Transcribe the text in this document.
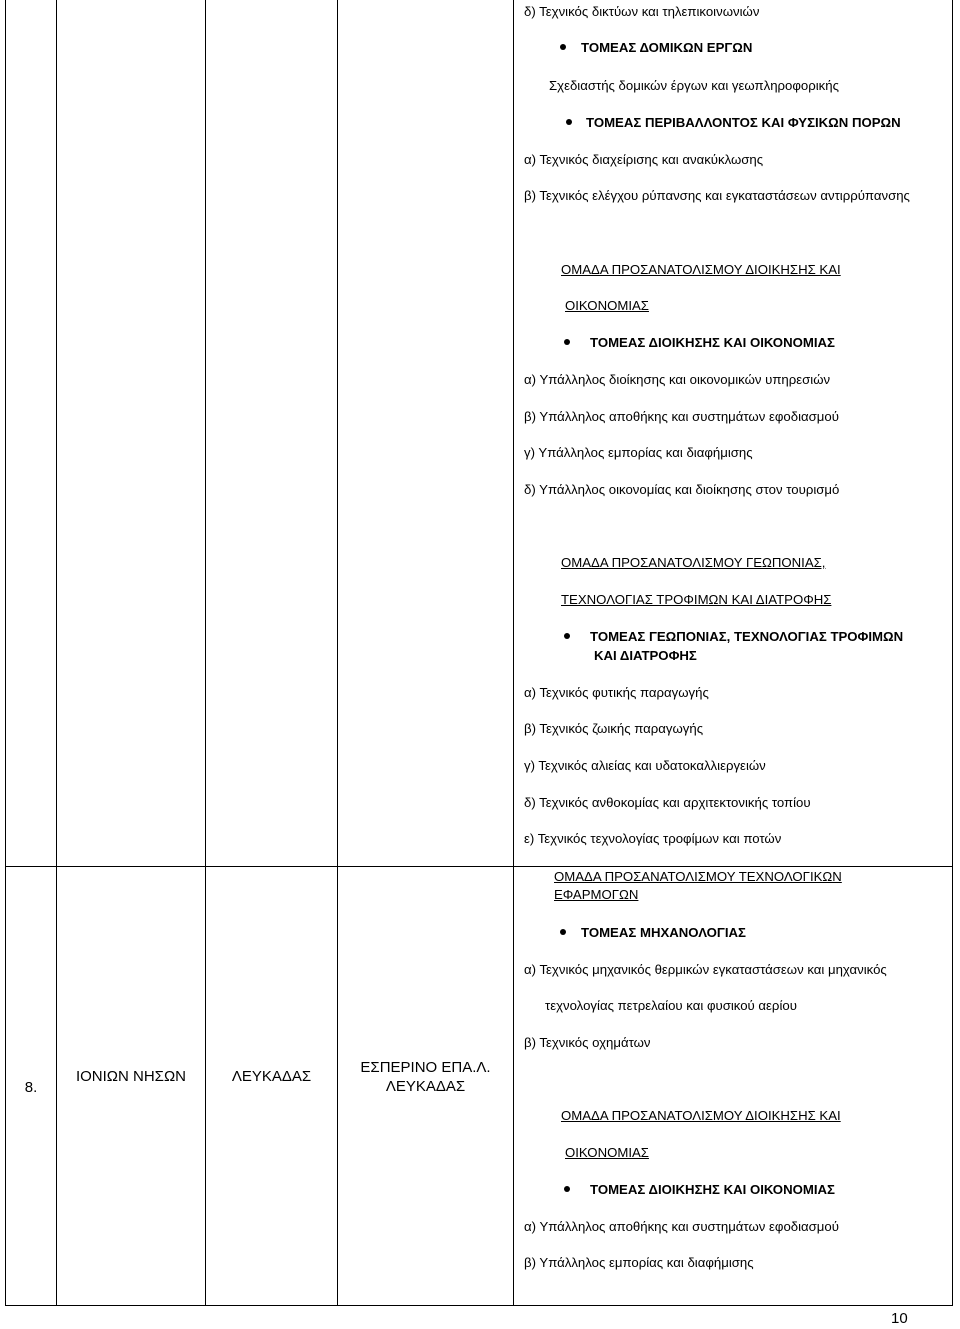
δ) Τεχνικός δικτύων και τηλεπικοινωνιών
ΤΟΜΕΑΣ ΔΟΜΙΚΩΝ ΕΡΓΩΝ
Σχεδιαστής δομικών έργων και γεωπληροφορικής
ΤΟΜΕΑΣ ΠΕΡΙΒΑΛΛΟΝΤΟΣ ΚΑΙ ΦΥΣΙΚΩΝ ΠΟΡΩΝ
α) Τεχνικός διαχείρισης και ανακύκλωσης
β) Τεχνικός ελέγχου ρύπανσης και εγκαταστάσεων αντιρρύπανσης
ΟΜΑΔΑ ΠΡΟΣΑΝΑΤΟΛΙΣΜΟΥ ΔΙΟΙΚΗΣΗΣ ΚΑΙ
ΟΙΚΟΝΟΜΙΑΣ
ΤΟΜΕΑΣ ΔΙΟΙΚΗΣΗΣ ΚΑΙ ΟΙΚΟΝΟΜΙΑΣ
α) Υπάλληλος διοίκησης και οικονομικών υπηρεσιών
β) Υπάλληλος αποθήκης και συστημάτων εφοδιασμού
γ) Υπάλληλος εμπορίας και διαφήμισης
δ) Υπάλληλος οικονομίας και διοίκησης στον τουρισμό
ΟΜΑΔΑ ΠΡΟΣΑΝΑΤΟΛΙΣΜΟΥ ΓΕΩΠΟΝΙΑΣ,
ΤΕΧΝΟΛΟΓΙΑΣ ΤΡΟΦΙΜΩΝ ΚΑΙ ΔΙΑΤΡΟΦΗΣ
ΤΟΜΕΑΣ ΓΕΩΠΟΝΙΑΣ, ΤΕΧΝΟΛΟΓΙΑΣ ΤΡΟΦΙΜΩΝ
ΚΑΙ ΔΙΑΤΡΟΦΗΣ
α) Τεχνικός φυτικής παραγωγής
β) Τεχνικός ζωικής παραγωγής
γ) Τεχνικός αλιείας και υδατοκαλλιεργειών
δ) Τεχνικός ανθοκομίας και αρχιτεκτονικής τοπίου
ε) Τεχνικός τεχνολογίας τροφίμων και ποτών
8.
ΙΟΝΙΩΝ ΝΗΣΩΝ	ΛΕΥΚΑΔΑΣ
ΕΣΠΕΡΙΝΟ ΕΠΑ.Λ.
ΛΕΥΚΑΔΑΣ
ΟΜΑΔΑ ΠΡΟΣΑΝΑΤΟΛΙΣΜΟΥ ΤΕΧΝΟΛΟΓΙΚΩΝ
ΕΦΑΡΜΟΓΩΝ
ΤΟΜΕΑΣ ΜΗΧΑΝΟΛΟΓΙΑΣ
α) Τεχνικός μηχανικός θερμικών εγκαταστάσεων και μηχανικός
τεχνολογίας πετρελαίου και φυσικού αερίου
β) Τεχνικός οχημάτων
ΟΜΑΔΑ ΠΡΟΣΑΝΑΤΟΛΙΣΜΟΥ ΔΙΟΙΚΗΣΗΣ ΚΑΙ
ΟΙΚΟΝΟΜΙΑΣ
ΤΟΜΕΑΣ ΔΙΟΙΚΗΣΗΣ ΚΑΙ ΟΙΚΟΝΟΜΙΑΣ
α) Υπάλληλος αποθήκης και συστημάτων εφοδιασμού
β) Υπάλληλος εμπορίας και διαφήμισης
10
